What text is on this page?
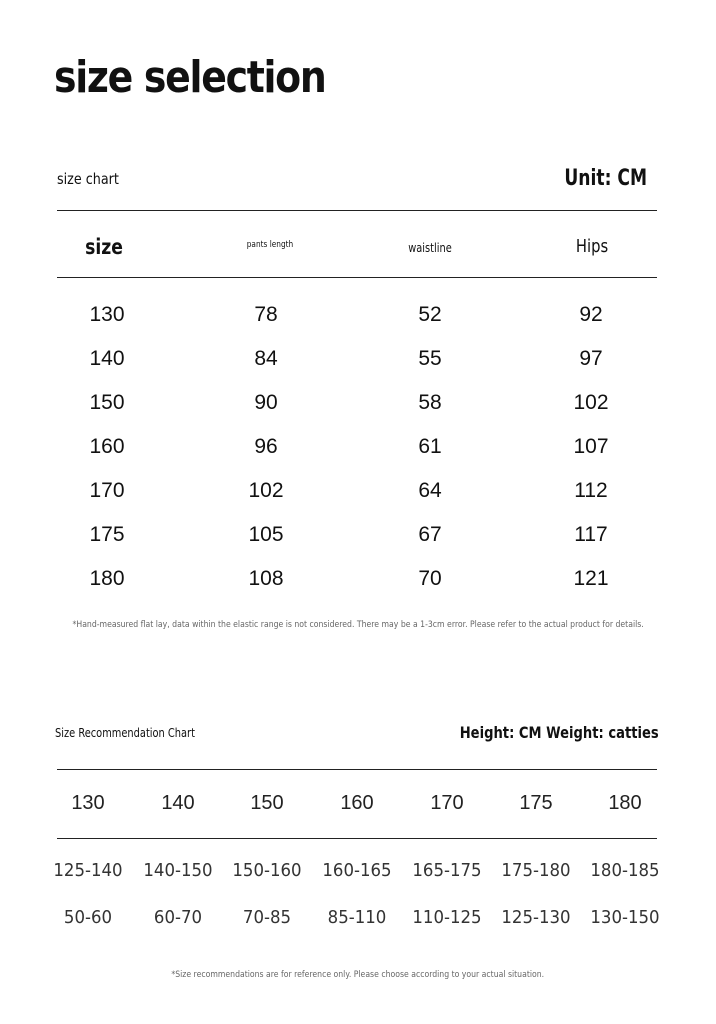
size selection
size chart	Unit: CM
size	pants length	waistline	Hips
130	78	52	92
140	84	55	97
150	90	58	102
160	96	61	107
170	102	64	112
175	105	67	117
180	108	70	121
*Hand-measured flat lay, data within the elastic range is not considered. There may be a 1-3cm error. Please refer to the actual product for details.
Size Recommendation Chart	Height: CM Weight: catties
130	140	150	160	170	175	180
125-140	140-150	150-160	160-165	165-175	175-180	180-185
50-60	60-70	70-85	85-110	110-125	125-130	130-150
*Size recommendations are for reference only. Please choose according to your actual situation.
